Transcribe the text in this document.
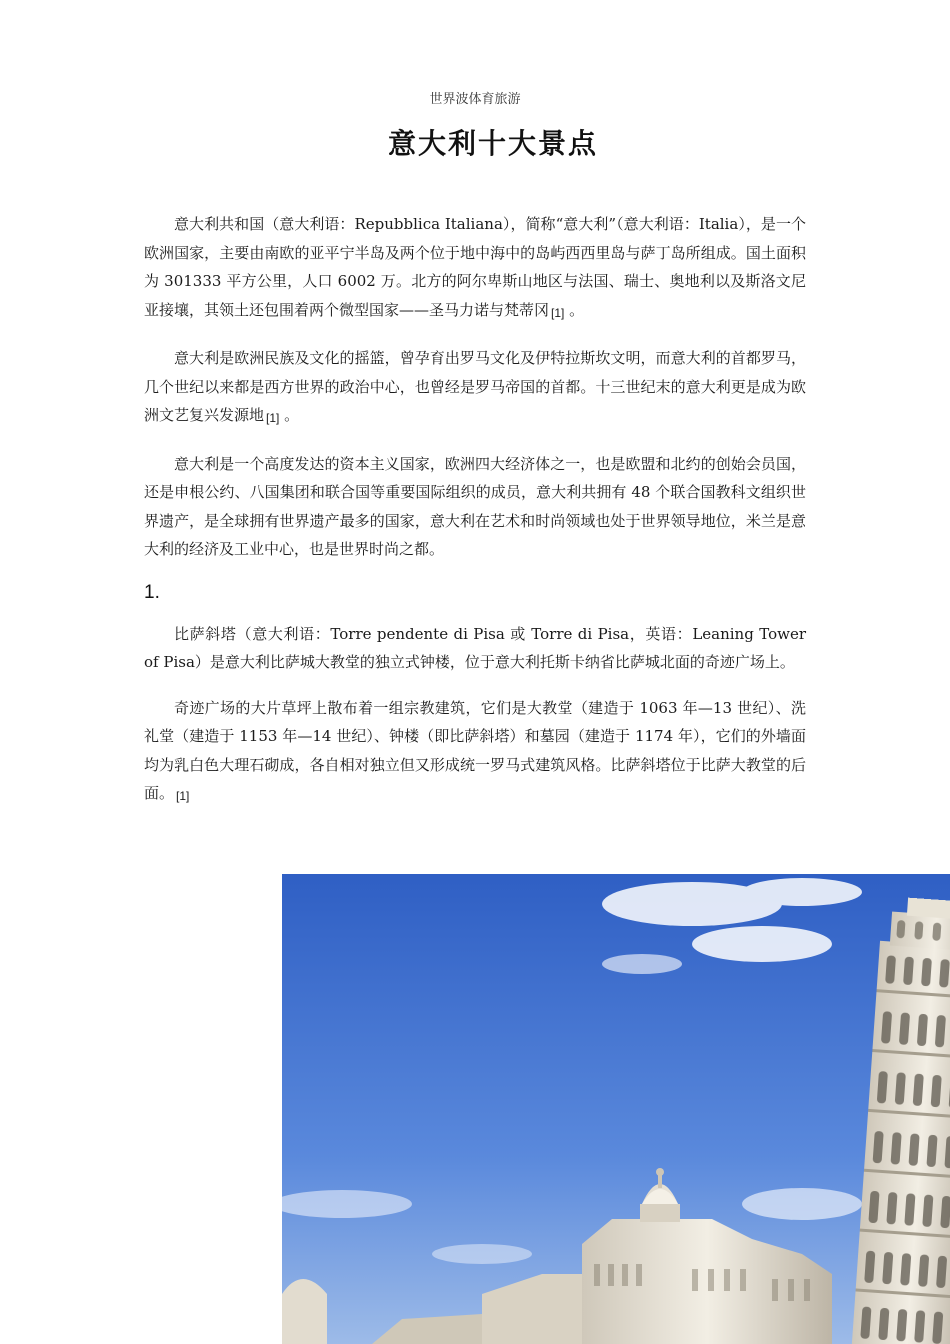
世界波体育旅游
意大利十大景点

意大利共和国（意大利语：Repubblica Italiana），简称“意大利”（意大利语：Italia），是一个欧洲国家，主要由南欧的亚平宁半岛及两个位于地中海中的岛屿西西里岛与萨丁岛所组成。国土面积为 301333 平方公里，人口 6002 万。北方的阿尔卑斯山地区与法国、瑞士、奥地利以及斯洛文尼亚接壤，其领土还包围着两个微型国家——圣马力诺与梵蒂冈 [1] 。

意大利是欧洲民族及文化的摇篮，曾孕育出罗马文化及伊特拉斯坎文明，而意大利的首都罗马，几个世纪以来都是西方世界的政治中心，也曾经是罗马帝国的首都。十三世纪末的意大利更是成为欧洲文艺复兴发源地 [1] 。

意大利是一个高度发达的资本主义国家，欧洲四大经济体之一，也是欧盟和北约的创始会员国，还是申根公约、八国集团和联合国等重要国际组织的成员，意大利共拥有 48 个联合国教科文组织世界遗产，是全球拥有世界遗产最多的国家，意大利在艺术和时尚领域也处于世界领导地位，米兰是意大利的经济及工业中心，也是世界时尚之都。

1.

比萨斜塔（意大利语：Torre pendente di Pisa 或 Torre di Pisa，英语：Leaning Tower of Pisa）是意大利比萨城大教堂的独立式钟楼，位于意大利托斯卡纳省比萨城北面的奇迹广场上。

奇迹广场的大片草坪上散布着一组宗教建筑，它们是大教堂（建造于 1063 年—13 世纪）、洗礼堂（建造于 1153 年—14 世纪）、钟楼（即比萨斜塔）和墓园（建造于 1174 年），它们的外墙面均为乳白色大理石砌成，各自相对独立但又形成统一罗马式建筑风格。比萨斜塔位于比萨大教堂的后面。 [1]
